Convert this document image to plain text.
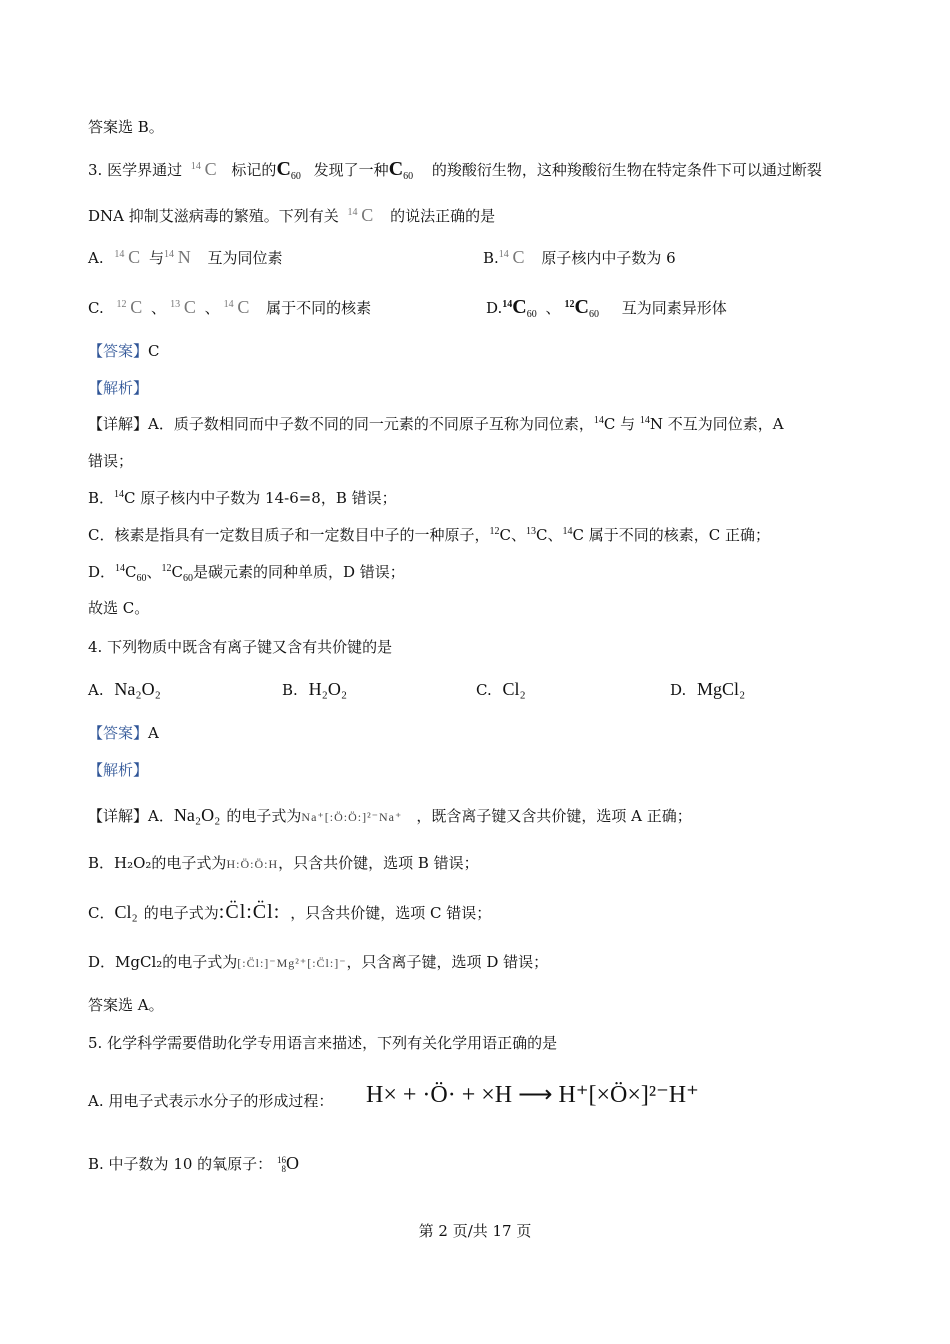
答案选 B。
3. 医学界通过 $^{14}$ C 标记的$C_{60}$ 发现了一种$C_{60}$ 的羧酸衍生物，这种羧酸衍生物在特定条件下可以通过断裂
DNA 抑制艾滋病毒的繁殖。下列有关 $^{14}$ C 的说法正确的是
A. $^{14}$ C 与$^{14}$ N 互为同位素	B.$^{14}$ C 原子核内中子数为 6
C. $^{12}$ C 、 $^{13}$ C 、 $^{14}$ C 属于不同的核素	$D.^{14}C_{60}$ 、 $^{12}C_{60}$ 互为同素异形体
【答案】C
【解析】
【详解】A．质子数相同而中子数不同的同一元素的不同原子互称为同位素，$^{14}$C 与 $^{14}$N 不互为同位素，A
错误；
B．$^{14}$C 原子核内中子数为 14-6=8，B 错误；
C．核素是指具有一定数目质子和一定数目中子的一种原子，$^{12}$C、$^{13}$C、$^{14}$C 属于不同的核素，C 正确；
D．$^{14}C_{60}$、$^{12}C_{60}$是碳元素的同种单质，D 错误；
故选 C。
4. 下列物质中既含有离子键又含有共价键的是
A. Na₂O₂	B. H₂O₂	C. Cl₂	D. MgCl₂
【答案】A
【解析】
【详解】A．Na₂O₂ 的电子式为Na⁺[:Ö:Ö:]²⁻Na⁺ ，既含离子键又含共价键，选项 A 正确；
B．H₂O₂的电子式为H:Ö:Ö:H，只含共价键，选项 B 错误；
C．Cl₂ 的电子式为:C̈l:C̈l: ，只含共价键，选项 C 错误；
D．MgCl₂的电子式为[:C̈l:]⁻Mg²⁺[:C̈l:]⁻，只含离子键，选项 D 错误；
答案选 A。
5. 化学科学需要借助化学专用语言来描述，下列有关化学用语正确的是
A. 用电子式表示水分子的形成过程： H× + ·Ö· + ×H ⟶ H⁺[×Ö×]²⁻H⁺
B. 中子数为 10 的氧原子： 16
8 O
第 2 页/共 17 页
